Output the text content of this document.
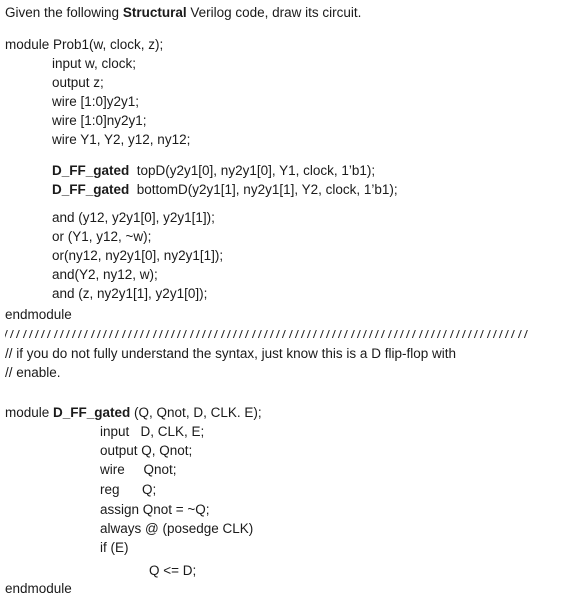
Given the following Structural Verilog code, draw its circuit.
module Prob1(w, clock, z);
input w, clock;
output z;
wire [1:0]y2y1;
wire [1:0]ny2y1;
wire Y1, Y2, y12, ny12;
D_FF_gated  topD(y2y1[0], ny2y1[0], Y1, clock, 1’b1);
D_FF_gated  bottomD(y2y1[1], ny2y1[1], Y2, clock, 1’b1);
and (y12, y2y1[0], y2y1[1]);
or (Y1, y12, ~w);
or(ny12, ny2y1[0], ny2y1[1]);
and(Y2, ny12, w);
and (z, ny2y1[1], y2y1[0]);
endmodule
// if you do not fully understand the syntax, just know this is a D flip-flop with
// enable.
module D_FF_gated (Q, Qnot, D, CLK. E);
input   D, CLK, E;
output Q, Qnot;
wire     Qnot;
reg      Q;
assign Qnot = ~Q;
always @ (posedge CLK)
if (E)
Q <= D;
endmodule
